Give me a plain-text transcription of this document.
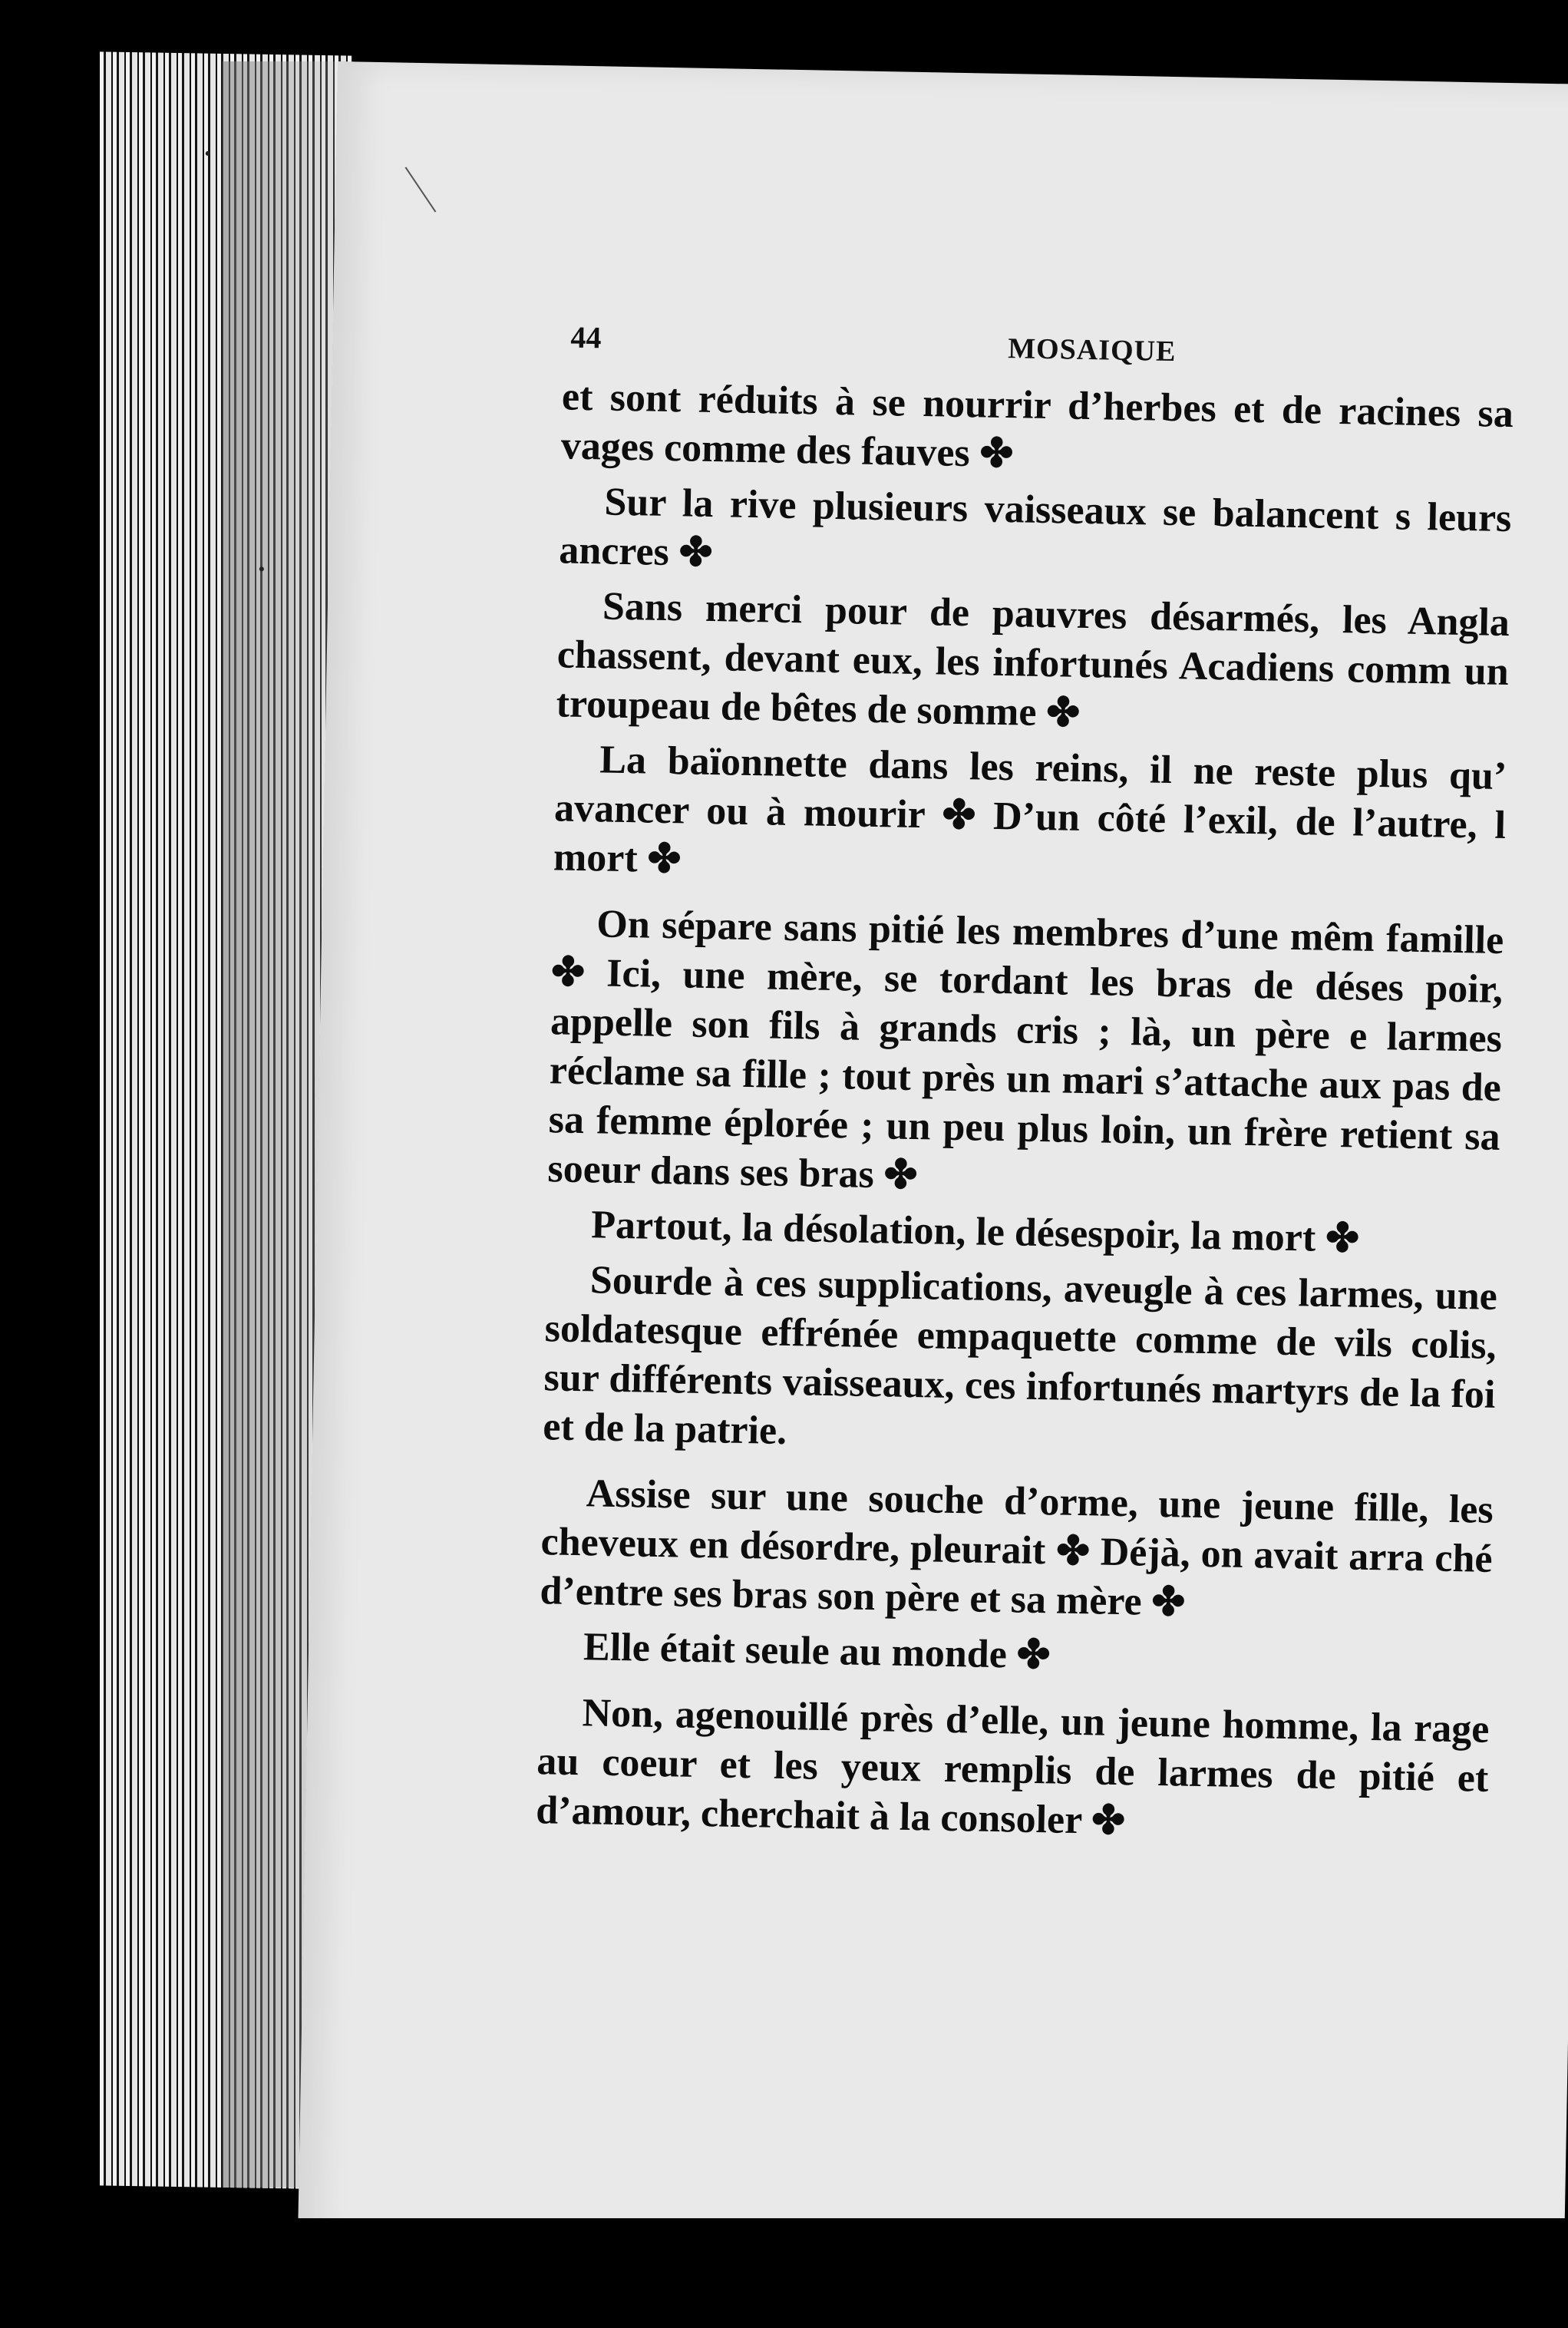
44	MOSAIQUE

et sont réduits à se nourrir d’herbes et de racines sa vages comme des fauves ✤

Sur la rive plusieurs vaisseaux se balancent s leurs ancres ✤

Sans merci pour de pauvres désarmés, les Angla chassent, devant eux, les infortunés Acadiens comm un troupeau de bêtes de somme ✤

La baïonnette dans les reins, il ne reste plus qu’ avancer ou à mourir ✤ D’un côté l’exil, de l’autre, l mort ✤

On sépare sans pitié les membres d’une mêm famille ✤ Ici, une mère, se tordant les bras de déses poir, appelle son fils à grands cris ; là, un père e larmes réclame sa fille ; tout près un mari s’attache aux pas de sa femme éplorée ; un peu plus loin, un frère retient sa soeur dans ses bras ✤

Partout, la désolation, le désespoir, la mort ✤

Sourde à ces supplications, aveugle à ces larmes, une soldatesque effrénée empaquette comme de vils colis, sur différents vaisseaux, ces infortunés martyrs de la foi et de la patrie.

Assise sur une souche d’orme, une jeune fille, les cheveux en désordre, pleurait ✤ Déjà, on avait arra ché d’entre ses bras son père et sa mère ✤

Elle était seule au monde ✤

Non, agenouillé près d’elle, un jeune homme, la rage au coeur et les yeux remplis de larmes de pitié et d’amour, cherchait à la consoler ✤
